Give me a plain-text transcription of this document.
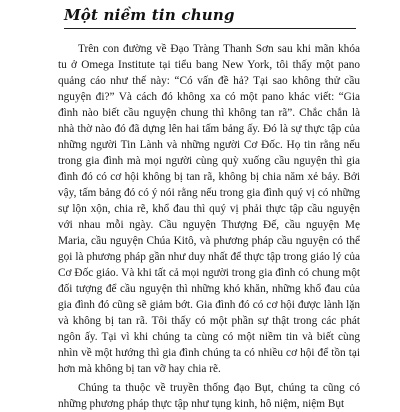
Một niềm tin chung

Trên con đường về Đạo Tràng Thanh Sơn sau khi mãn khóa tu ở Omega Institute tại tiểu bang New York, tôi thấy một pano quảng cáo như thế này: “Có vấn đề hả? Tại sao không thử cầu nguyện đi?” Và cách đó không xa có một pano khác viết: “Gia đình nào biết cầu nguyện chung thì không tan rã”. Chắc chắn là nhà thờ nào đó đã dựng lên hai tấm bảng ấy. Đó là sự thực tập của những người Tin Lành và những người Cơ Đốc. Họ tin rằng nếu trong gia đình mà mọi người cùng quỳ xuống cầu nguyện thì gia đình đó có cơ hội không bị tan rã, không bị chia năm xẻ bảy. Bởi vậy, tấm bảng đó có ý nói rằng nếu trong gia đình quý vị có những sự lộn xộn, chia rẽ, khổ đau thì quý vị phải thực tập cầu nguyện với nhau mỗi ngày. Cầu nguyện Thượng Đế, cầu nguyện Mẹ Maria, cầu nguyện Chúa Kitô, và phương pháp cầu nguyện có thể gọi là phương pháp gần như duy nhất để thực tập trong giáo lý của Cơ Đốc giáo. Và khi tất cả mọi người trong gia đình có chung một đối tượng để cầu nguyện thì những khó khăn, những khổ đau của gia đình đó cũng sẽ giảm bớt. Gia đình đó có cơ hội được lành lặn và không bị tan rã. Tôi thấy có một phần sự thật trong các phát ngôn ấy. Tại vì khi chúng ta cùng có một niềm tin và biết cùng nhìn về một hướng thì gia đình chúng ta có nhiều cơ hội để tồn tại hơn mà không bị tan vỡ hay chia rẽ.

Chúng ta thuộc về truyền thống đạo Bụt, chúng ta cũng có những phương pháp thực tập như tụng kinh, hô niệm, niệm Bụt
